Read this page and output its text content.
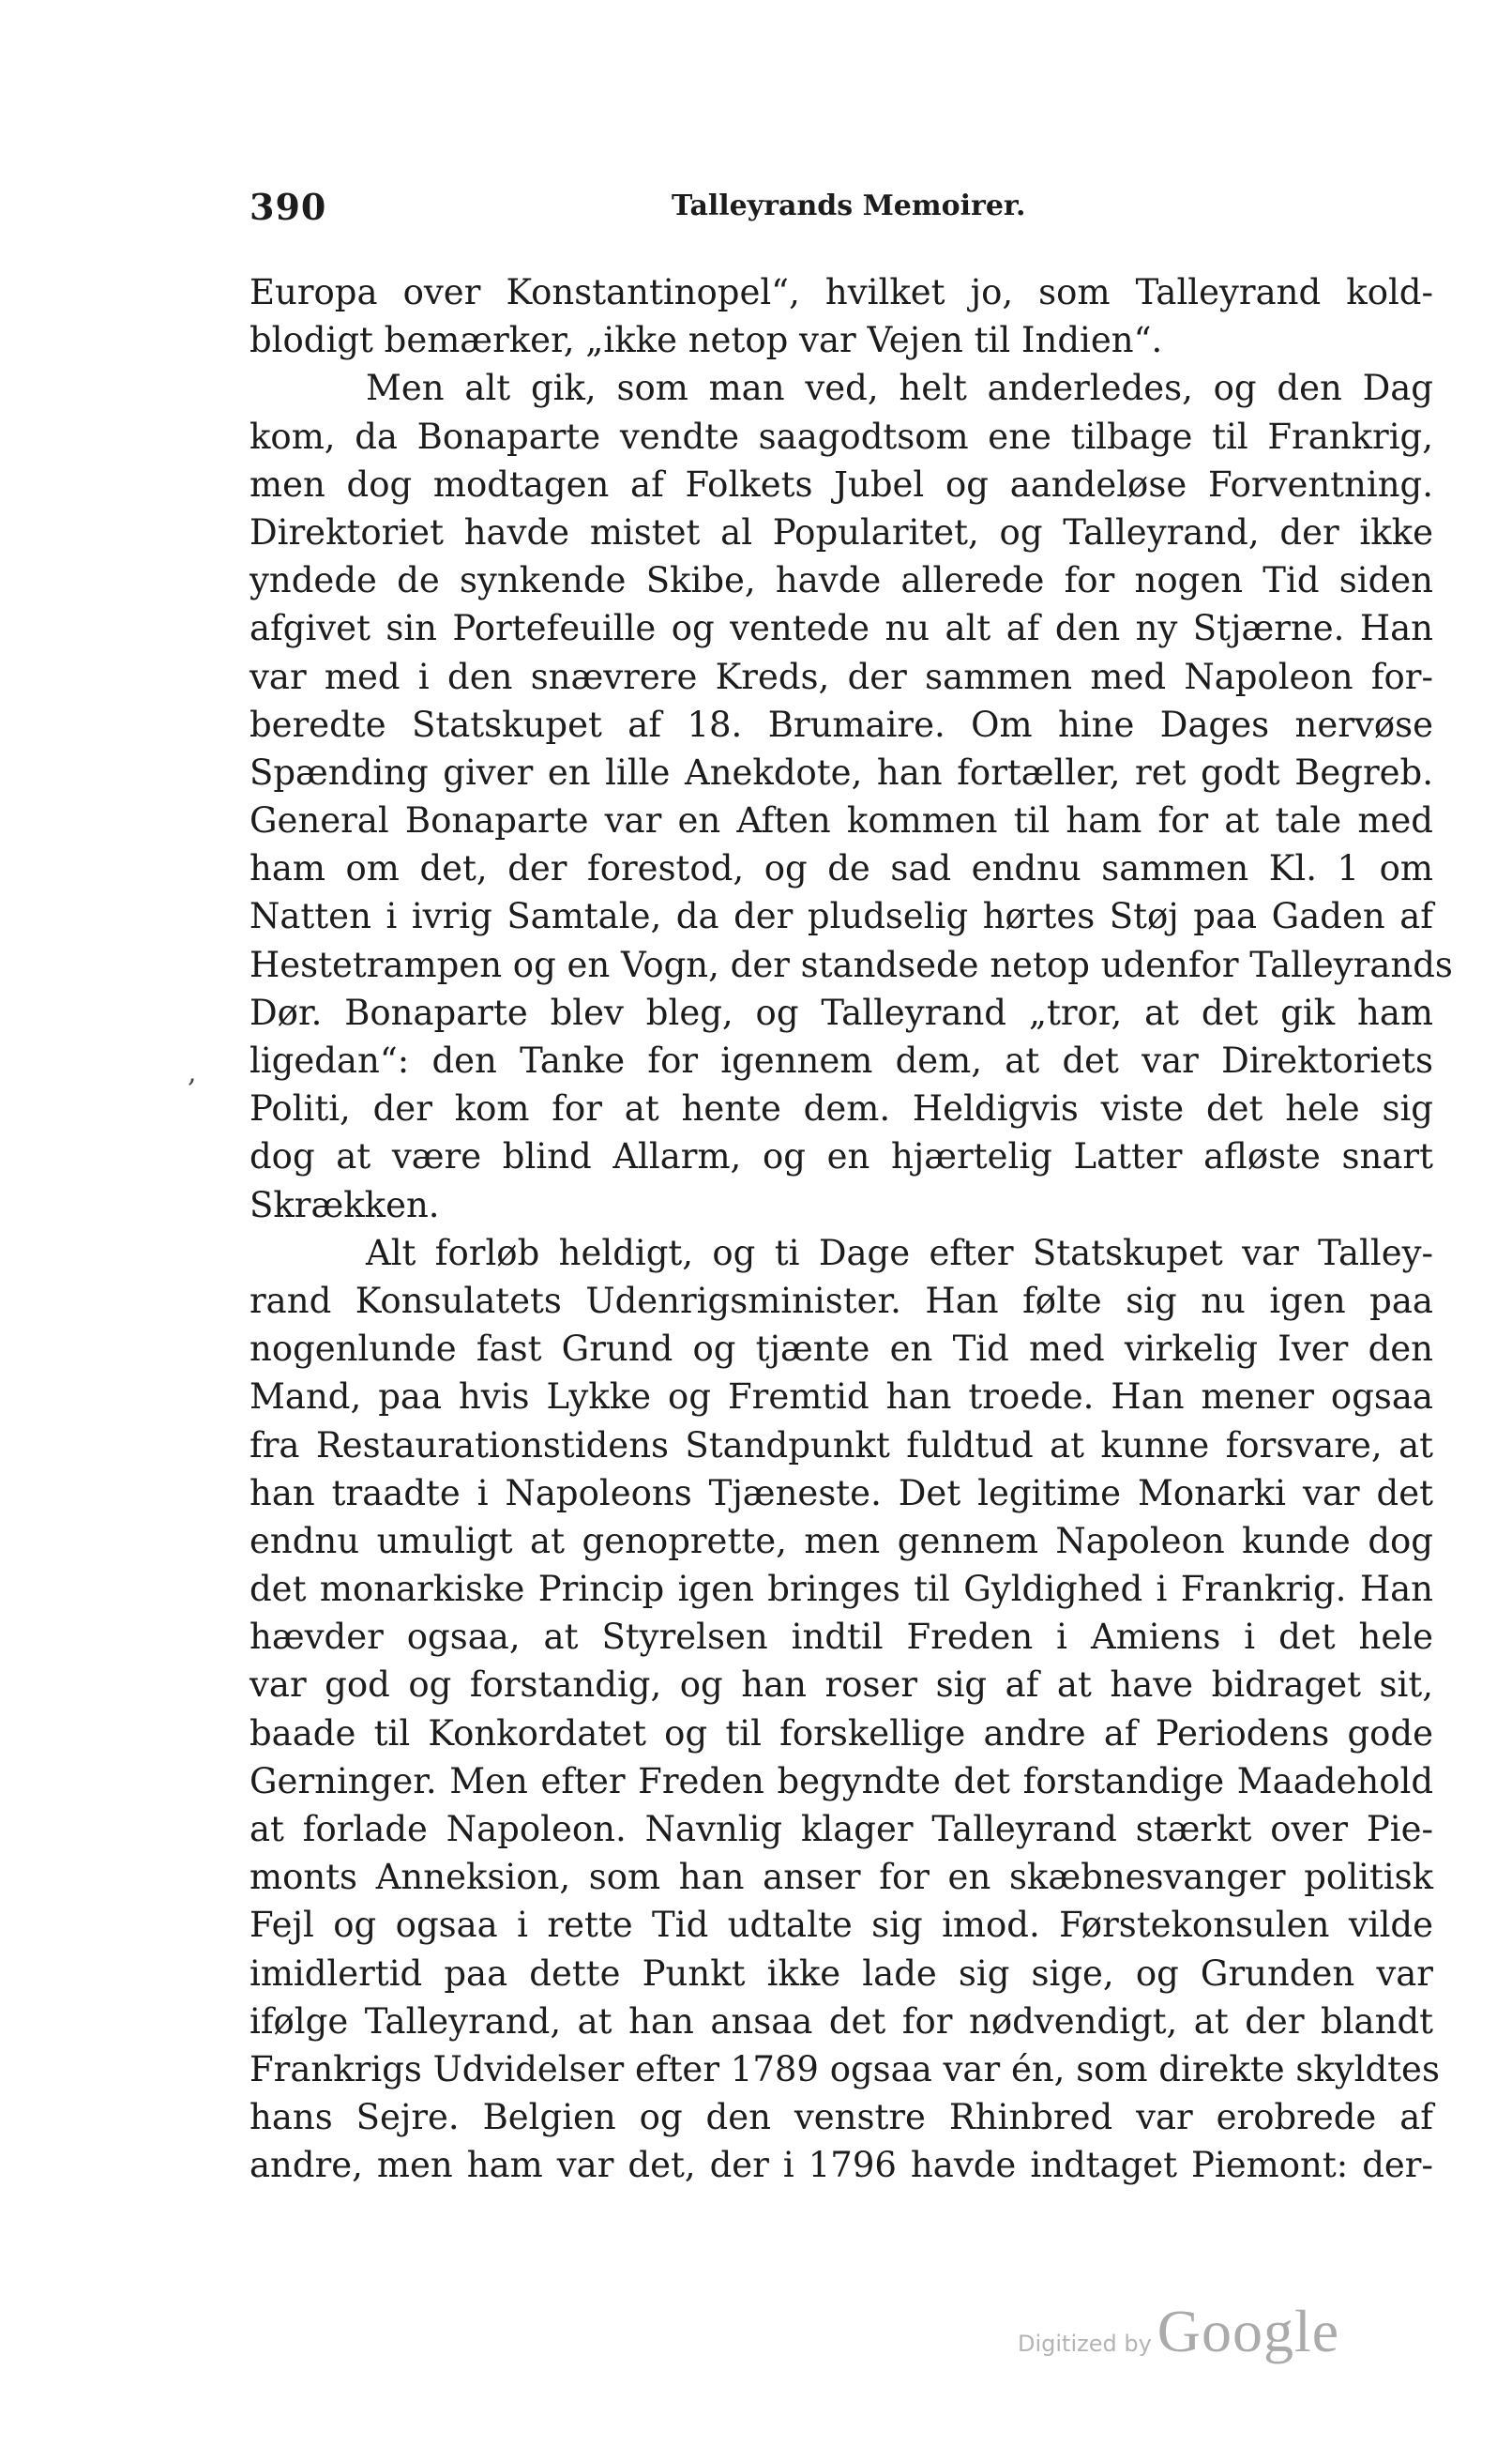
390	Talleyrands Memoirer.
Europa over Konstantinopel“, hvilket jo, som Talleyrand kold-
blodigt bemærker, „ikke netop var Vejen til Indien“.
Men alt gik, som man ved, helt anderledes, og den Dag
kom, da Bonaparte vendte saagodtsom ene tilbage til Frankrig,
men dog modtagen af Folkets Jubel og aandeløse Forventning.
Direktoriet havde mistet al Popularitet, og Talleyrand, der ikke
yndede de synkende Skibe, havde allerede for nogen Tid siden
afgivet sin Portefeuille og ventede nu alt af den ny Stjærne. Han
var med i den snævrere Kreds, der sammen med Napoleon for-
beredte Statskupet af 18. Brumaire. Om hine Dages nervøse
Spænding giver en lille Anekdote, han fortæller, ret godt Begreb.
General Bonaparte var en Aften kommen til ham for at tale med
ham om det, der forestod, og de sad endnu sammen Kl. 1 om
Natten i ivrig Samtale, da der pludselig hørtes Støj paa Gaden af
Hestetrampen og en Vogn, der standsede netop udenfor Talleyrands
Dør. Bonaparte blev bleg, og Talleyrand „tror, at det gik ham
ligedan“: den Tanke for igennem dem, at det var Direktoriets
Politi, der kom for at hente dem. Heldigvis viste det hele sig
dog at være blind Allarm, og en hjærtelig Latter afløste snart
Skrækken.
Alt forløb heldigt, og ti Dage efter Statskupet var Talley-
rand Konsulatets Udenrigsminister. Han følte sig nu igen paa
nogenlunde fast Grund og tjænte en Tid med virkelig Iver den
Mand, paa hvis Lykke og Fremtid han troede. Han mener ogsaa
fra Restaurationstidens Standpunkt fuldtud at kunne forsvare, at
han traadte i Napoleons Tjæneste. Det legitime Monarki var det
endnu umuligt at genoprette, men gennem Napoleon kunde dog
det monarkiske Princip igen bringes til Gyldighed i Frankrig. Han
hævder ogsaa, at Styrelsen indtil Freden i Amiens i det hele
var god og forstandig, og han roser sig af at have bidraget sit,
baade til Konkordatet og til forskellige andre af Periodens gode
Gerninger. Men efter Freden begyndte det forstandige Maadehold
at forlade Napoleon. Navnlig klager Talleyrand stærkt over Pie-
monts Anneksion, som han anser for en skæbnesvanger politisk
Fejl og ogsaa i rette Tid udtalte sig imod. Førstekonsulen vilde
imidlertid paa dette Punkt ikke lade sig sige, og Grunden var
ifølge Talleyrand, at han ansaa det for nødvendigt, at der blandt
Frankrigs Udvidelser efter 1789 ogsaa var én, som direkte skyldtes
hans Sejre. Belgien og den venstre Rhinbred var erobrede af
andre, men ham var det, der i 1796 havde indtaget Piemont: der-
,
Digitized byGoogle
